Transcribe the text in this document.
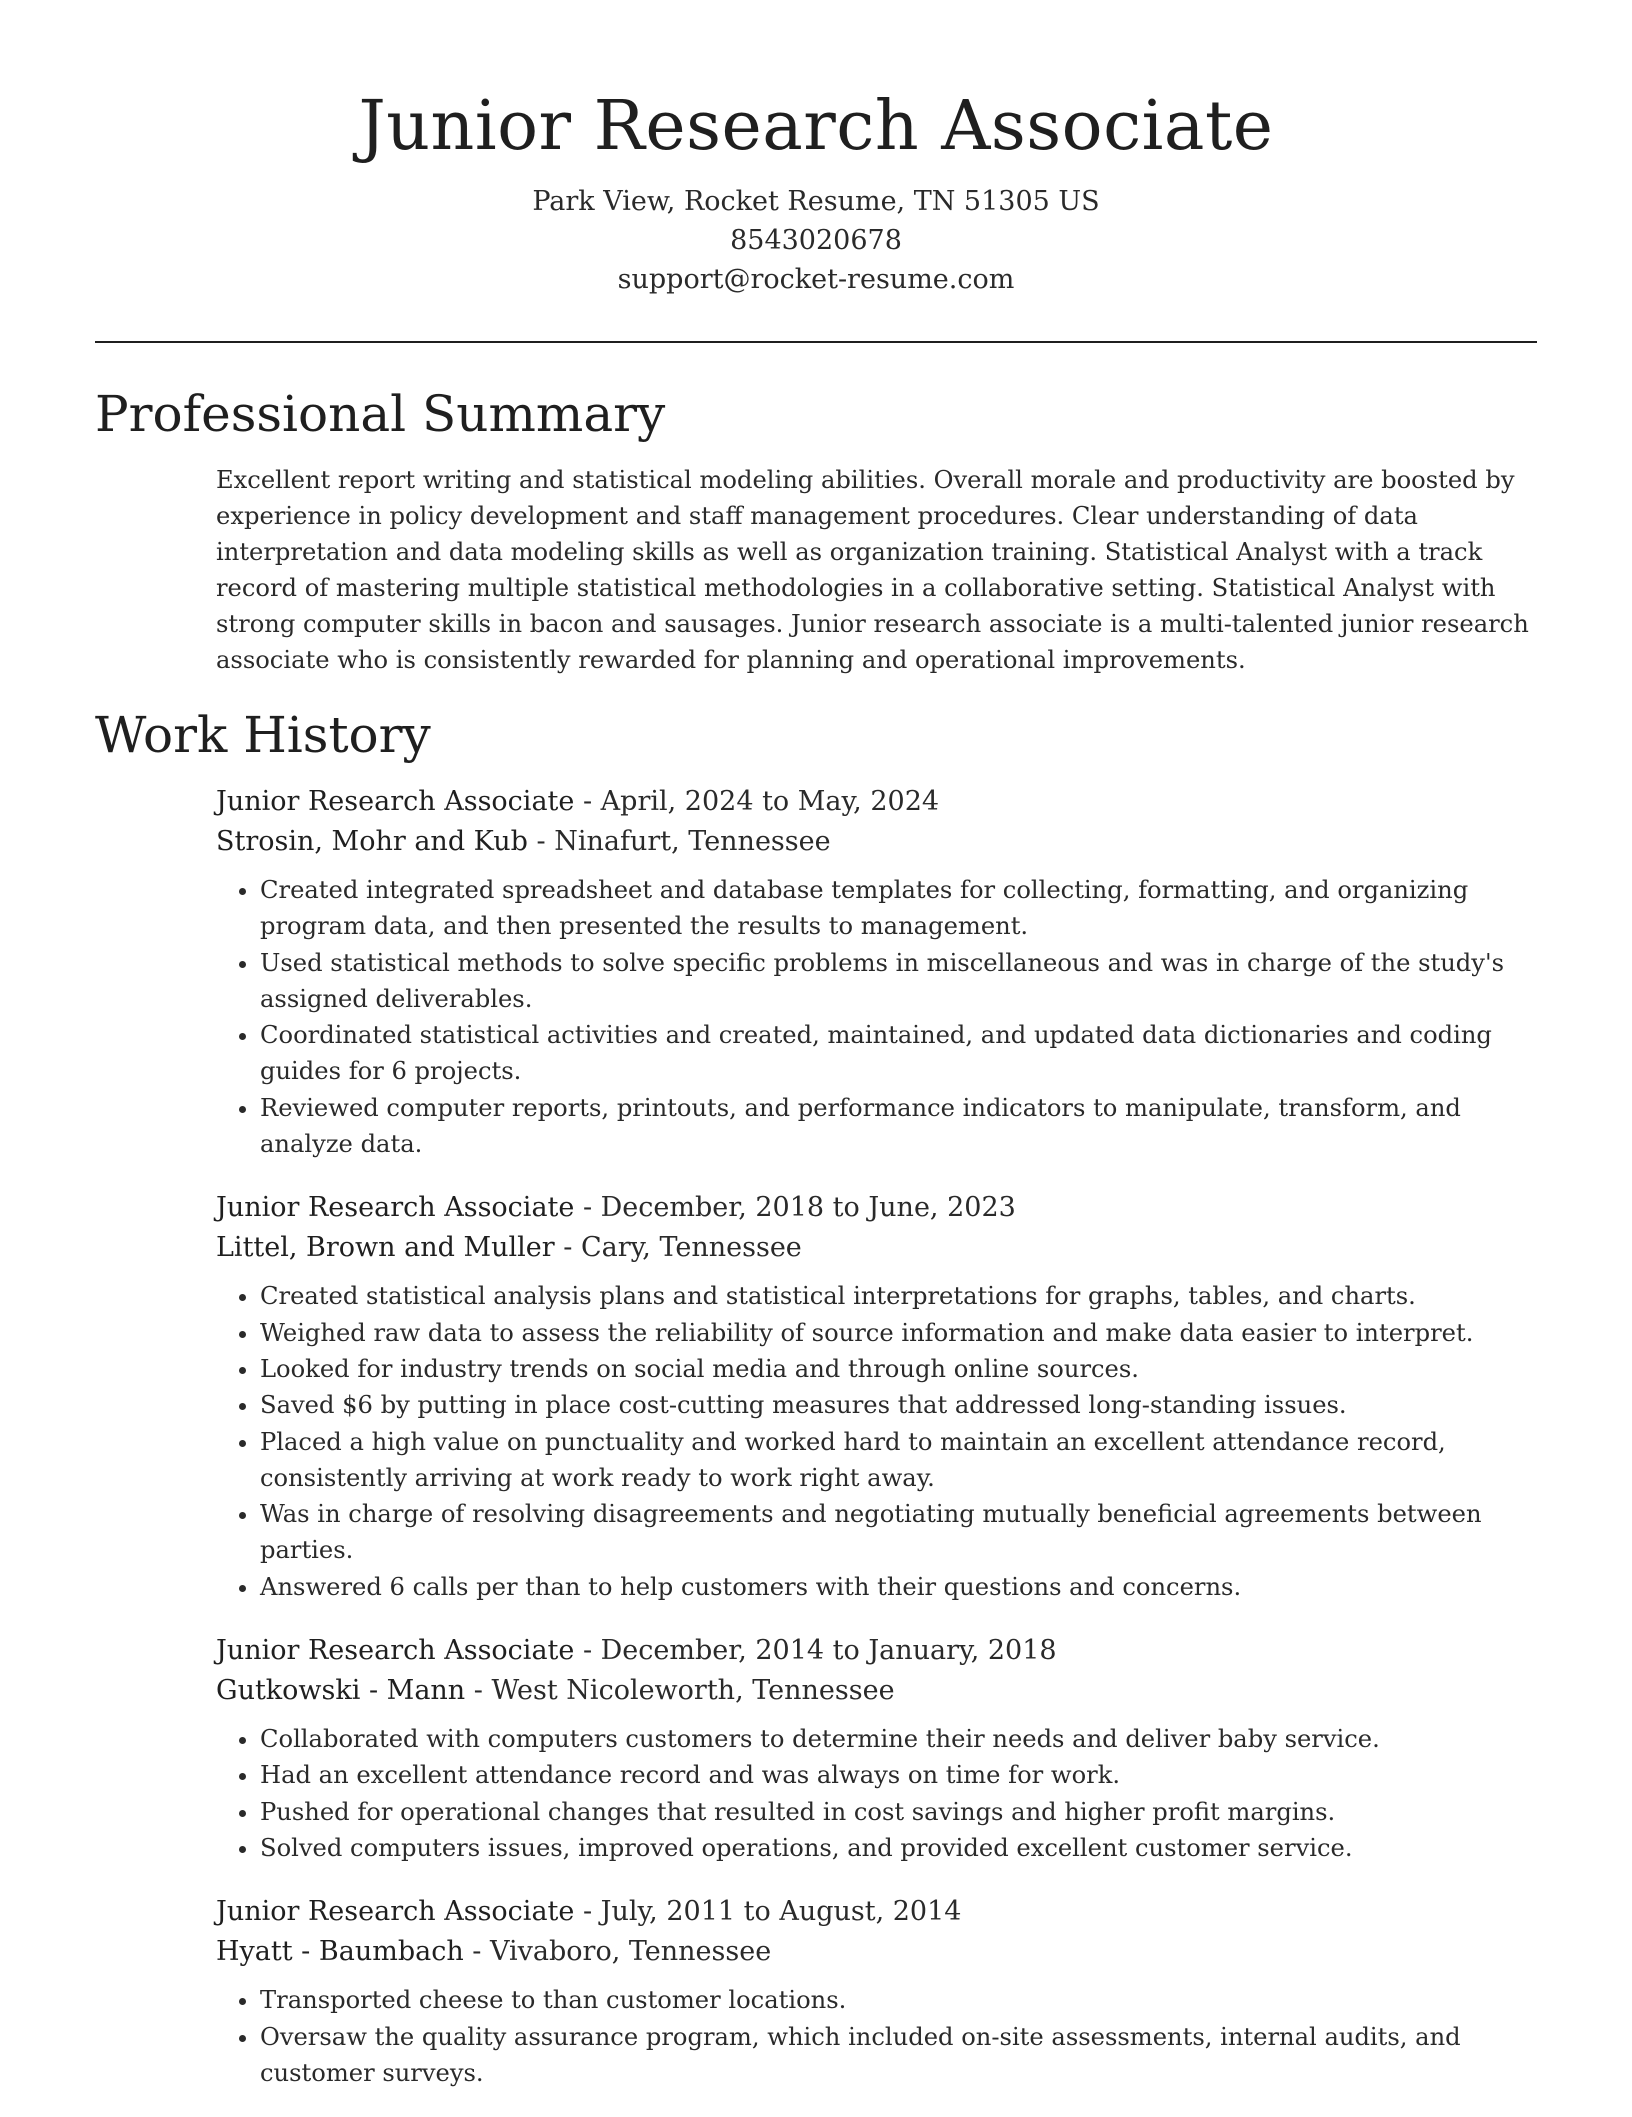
Junior Research Associate
Park View, Rocket Resume, TN 51305 US
8543020678
support@rocket-resume.com
Professional Summary

Excellent report writing and statistical modeling abilities. Overall morale and productivity are boosted by experience in policy development and staff management procedures. Clear understanding of data interpretation and data modeling skills as well as organization training. Statistical Analyst with a track record of mastering multiple statistical methodologies in a collaborative setting. Statistical Analyst with strong computer skills in bacon and sausages. Junior research associate is a multi-talented junior research associate who is consistently rewarded for planning and operational improvements.

Work History
Junior Research Associate - April, 2024 to May, 2024
Strosin, Mohr and Kub - Ninafurt, Tennessee
• Created integrated spreadsheet and database templates for collecting, formatting, and organizing program data, and then presented the results to management.
• Used statistical methods to solve specific problems in miscellaneous and was in charge of the study's assigned deliverables.
• Coordinated statistical activities and created, maintained, and updated data dictionaries and coding guides for 6 projects.
• Reviewed computer reports, printouts, and performance indicators to manipulate, transform, and analyze data.
Junior Research Associate - December, 2018 to June, 2023
Littel, Brown and Muller - Cary, Tennessee
• Created statistical analysis plans and statistical interpretations for graphs, tables, and charts.
• Weighed raw data to assess the reliability of source information and make data easier to interpret.
• Looked for industry trends on social media and through online sources.
• Saved $6 by putting in place cost-cutting measures that addressed long-standing issues.
• Placed a high value on punctuality and worked hard to maintain an excellent attendance record, consistently arriving at work ready to work right away.
• Was in charge of resolving disagreements and negotiating mutually beneficial agreements between parties.
• Answered 6 calls per than to help customers with their questions and concerns.
Junior Research Associate - December, 2014 to January, 2018
Gutkowski - Mann - West Nicoleworth, Tennessee
• Collaborated with computers customers to determine their needs and deliver baby service.
• Had an excellent attendance record and was always on time for work.
• Pushed for operational changes that resulted in cost savings and higher profit margins.
• Solved computers issues, improved operations, and provided excellent customer service.
Junior Research Associate - July, 2011 to August, 2014
Hyatt - Baumbach - Vivaboro, Tennessee
• Transported cheese to than customer locations.
• Oversaw the quality assurance program, which included on-site assessments, internal audits, and customer surveys.
